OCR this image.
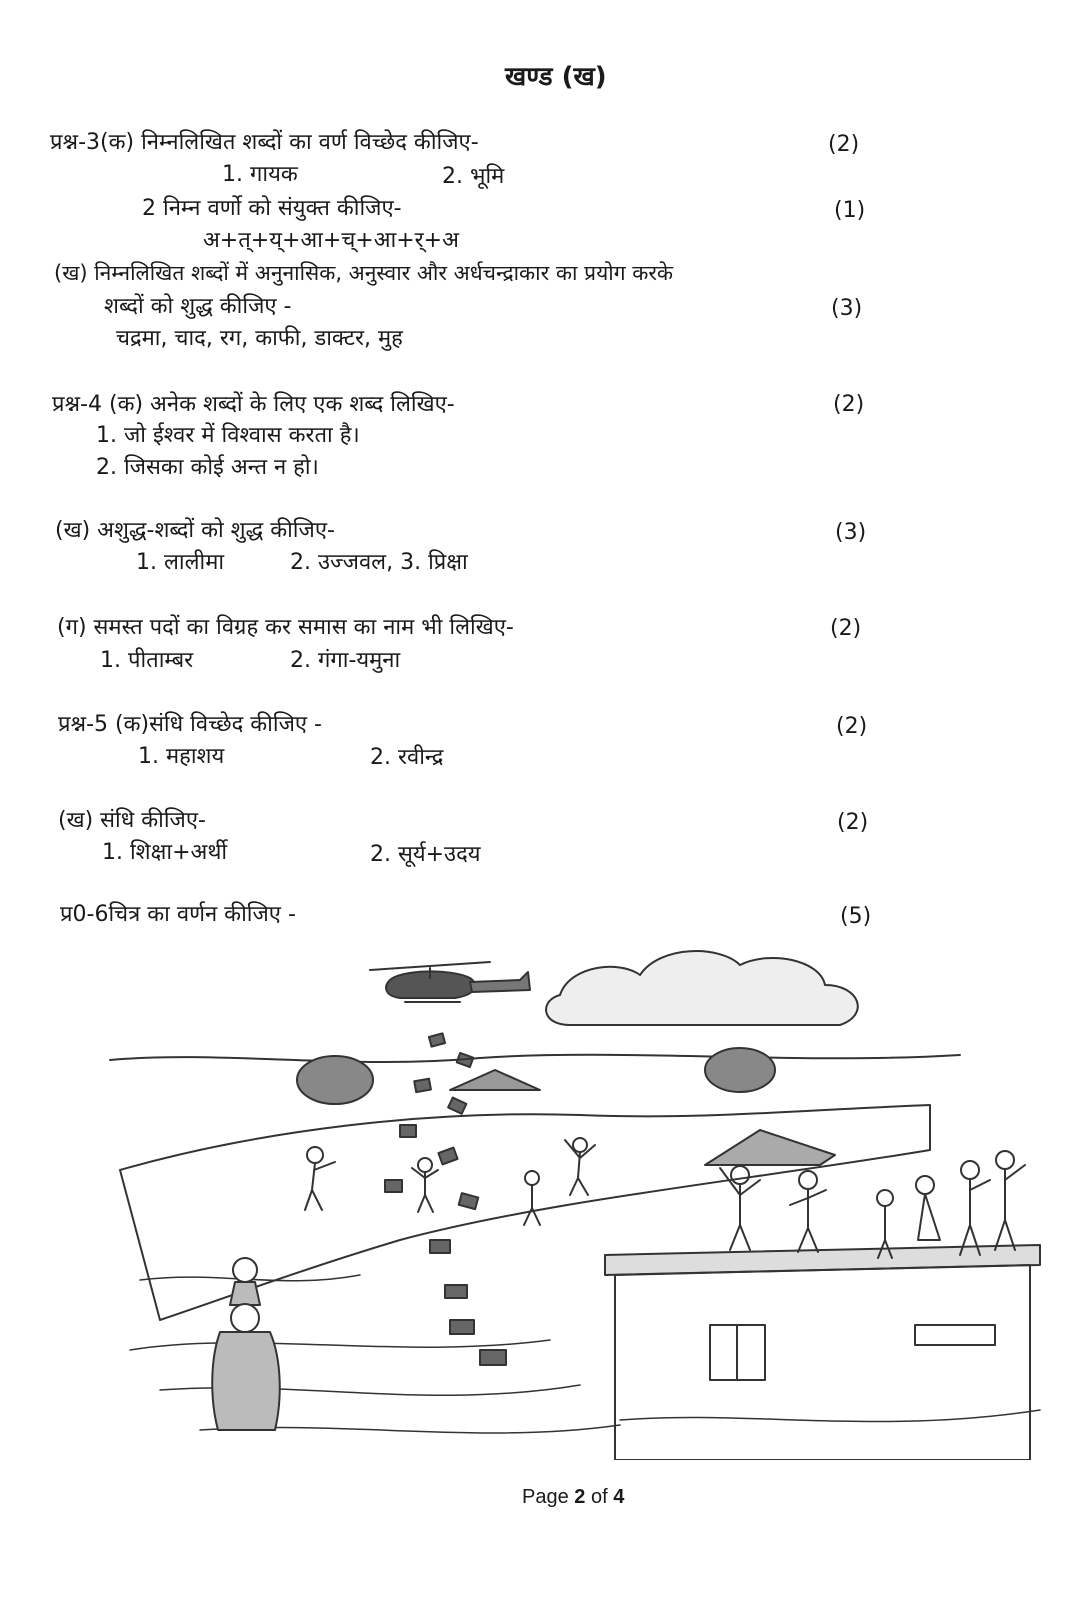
खण्ड (ख)
प्रश्न-3(क) निम्नलिखित शब्दों का वर्ण विच्छेद कीजिए-	(2)
1. गायक	2. भूमि
2 निम्न वर्णो को संयुक्त कीजिए-	(1)
अ+त्+य्+आ+च्+आ+र्+अ
(ख) निम्नलिखित शब्दों में अनुनासिक, अनुस्वार और अर्धचन्द्राकार का प्रयोग करके
शब्दों को शुद्ध कीजिए -	(3)
चद्रमा, चाद, रग, काफी, डाक्टर, मुह
प्रश्न-4 (क) अनेक शब्दों के लिए एक शब्द लिखिए-	(2)
1. जो ईश्वर में विश्वास करता है।
2. जिसका कोई अन्त न हो।
(ख) अशुद्ध-शब्दों को शुद्ध कीजिए-	(3)
1. लालीमा	2. उज्जवल, 3. प्रिक्षा
(ग) समस्त पदों का विग्रह कर समास का नाम भी लिखिए-	(2)
1. पीताम्बर	2. गंगा-यमुना
प्रश्न-5 (क)संधि विच्छेद कीजिए -	(2)
1. महाशय	2. रवीन्द्र
(ख) संधि कीजिए-	(2)
1. शिक्षा+अर्थी	2. सूर्य+उदय
प्र0-6चित्र का वर्णन कीजिए -	(5)
Page 2 of 4
